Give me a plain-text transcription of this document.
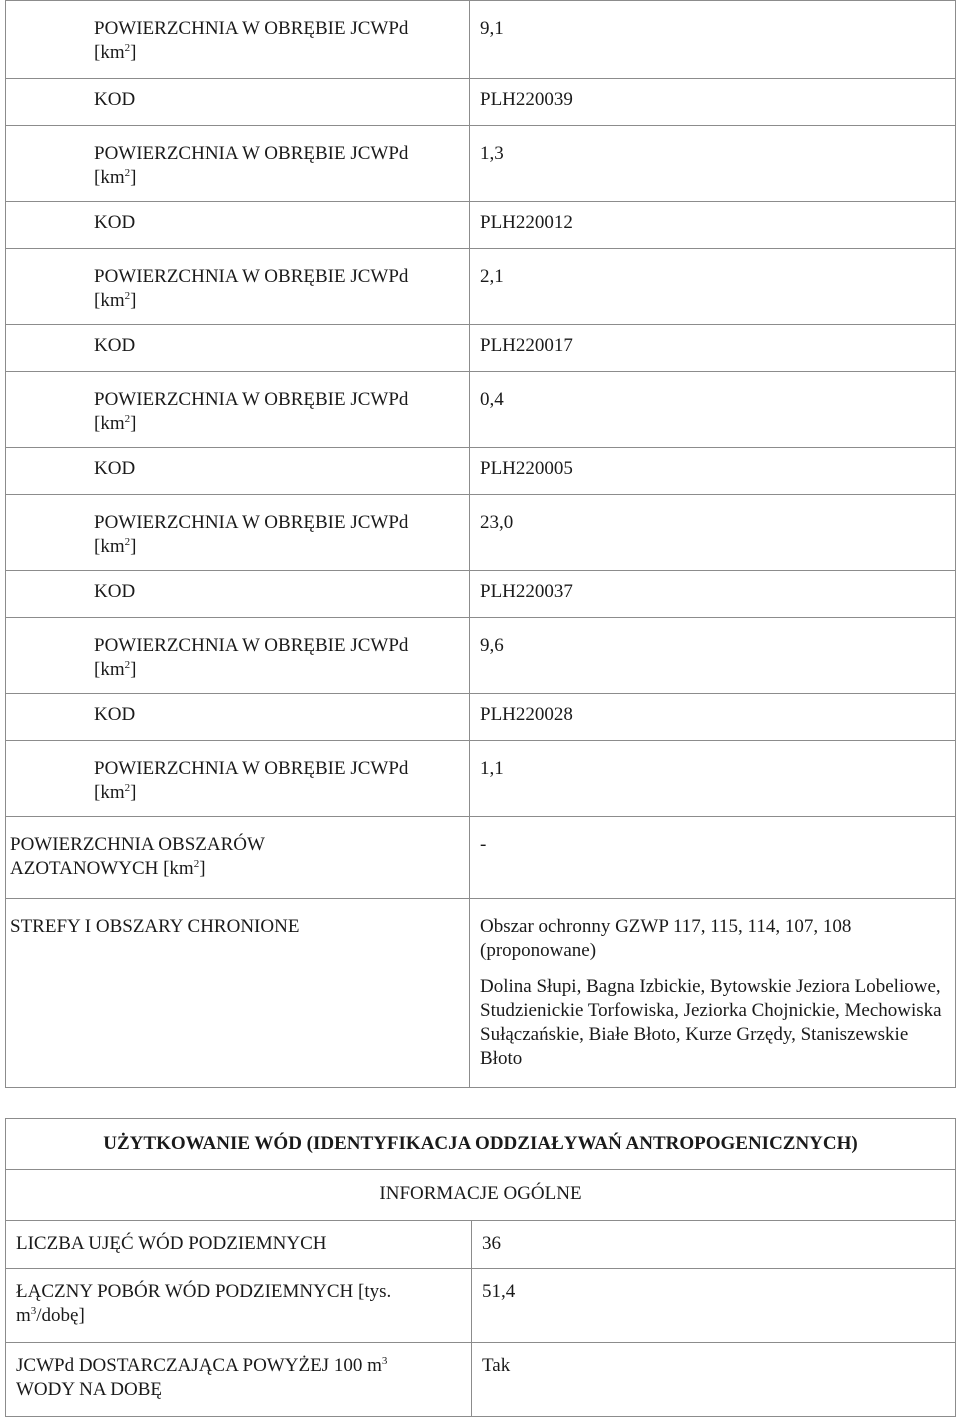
POWIERZCHNIA W OBRĘBIE JCWPd
$[km^2]$	9,1
KOD	PLH220039

POWIERZCHNIA W OBRĘBIE JCWPd
$[km^2]$	1,3
KOD	PLH220012

POWIERZCHNIA W OBRĘBIE JCWPd
$[km^2]$	2,1
KOD	PLH220017

POWIERZCHNIA W OBRĘBIE JCWPd
$[km^2]$	0,4
KOD	PLH220005

POWIERZCHNIA W OBRĘBIE JCWPd
$[km^2]$	23,0
KOD	PLH220037

POWIERZCHNIA W OBRĘBIE JCWPd
$[km^2]$	9,6
KOD	PLH220028

POWIERZCHNIA W OBRĘBIE JCWPd
$[km^2]$	1,1

POWIERZCHNIA OBSZARÓW
AZOTANOWYCH $[km^2]$	-
STREFY I OBSZARY CHRONIONE	Obszar ochronny GZWP 117, 115, 114, 107, 108 (proponowane)

Dolina Słupi, Bagna Izbickie, Bytowskie Jeziora Lobeliowe, Studzienickie Torfowiska, Jeziorka Chojnickie, Mechowiska Sułączańskie, Białe Błoto, Kurze Grzędy, Staniszewskie Błoto

UŻYTKOWANIE WÓD (IDENTYFIKACJA ODDZIAŁYWAŃ ANTROPOGENICZNYCH)	
INFORMACJE OGÓLNE	
LICZBA UJĘĆ WÓD PODZIEMNYCH	36

ŁĄCZNY POBÓR WÓD PODZIEMNYCH [tys.
$m^3/dobę$]	51,4

JCWPd DOSTARCZAJĄCA POWYŻEJ 100 $m^3$
WODY NA DOBĘ	Tak
